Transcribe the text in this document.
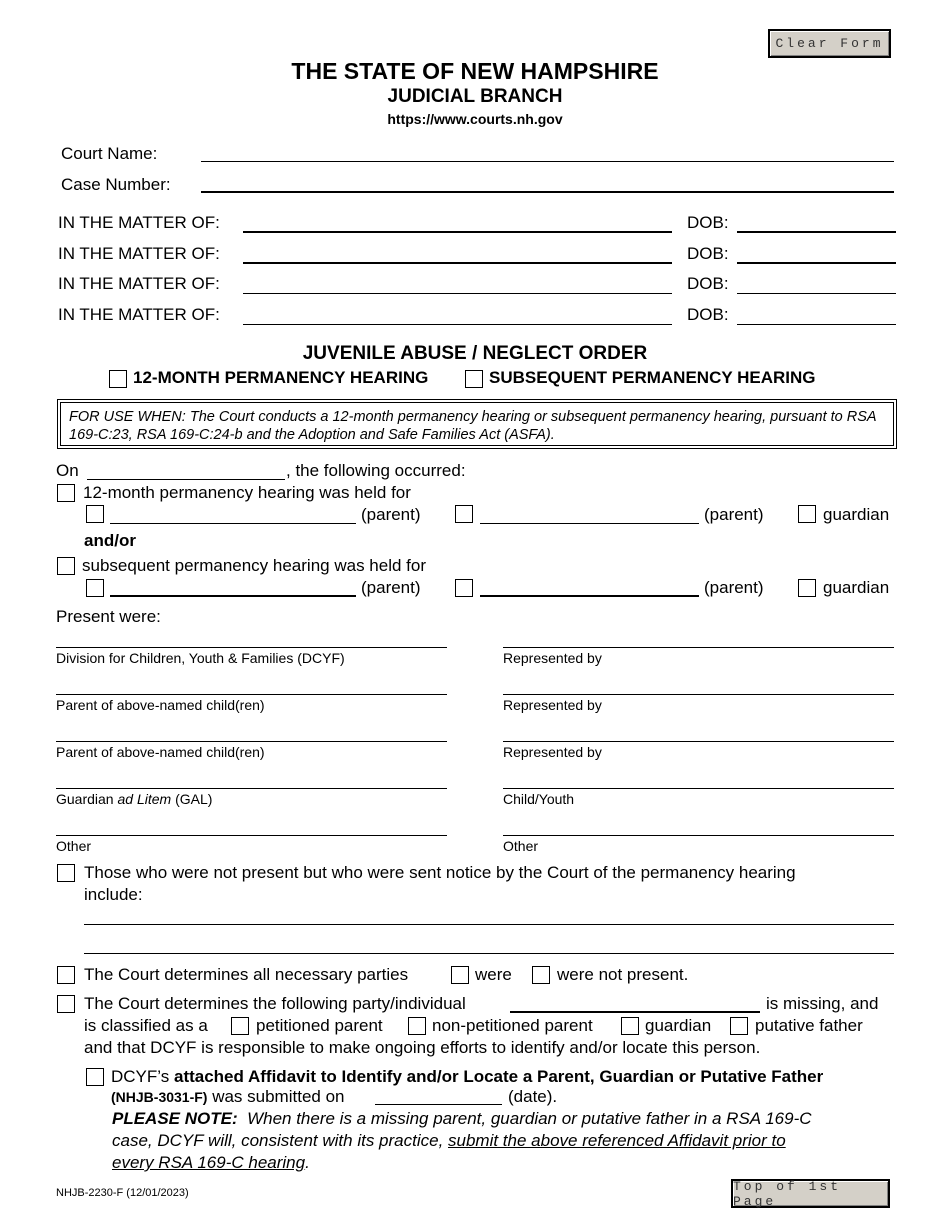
Clear Form
Top of 1st Page
THE STATE OF NEW HAMPSHIRE
JUDICIAL BRANCH
https://www.courts.nh.gov
Court Name:
Case Number:
IN THE MATTER OF:	DOB:
IN THE MATTER OF:	DOB:
IN THE MATTER OF:	DOB:
IN THE MATTER OF:	DOB:
JUVENILE ABUSE / NEGLECT ORDER
12-MONTH PERMANENCY HEARING	SUBSEQUENT PERMANENCY HEARING
FOR USE WHEN: The Court conducts a 12-month permanency hearing or subsequent permanency hearing, pursuant to RSA 169-C:23, RSA 169-C:24-b and the Adoption and Safe Families Act (ASFA).
On	, the following occurred:
12-month permanency hearing was held for
(parent)	(parent)	guardian
and/or
subsequent permanency hearing was held for
(parent)	(parent)	guardian
Present were:
Division for Children, Youth & Families (DCYF)	Represented by
Parent of above-named child(ren)	Represented by
Parent of above-named child(ren)	Represented by
Guardian ad Litem (GAL)	Child/Youth
Other	Other
Those who were not present but who were sent notice by the Court of the permanency hearing
include:
The Court determines all necessary parties	were	were not present.
The Court determines the following party/individual	is missing, and
is classified as a	petitioned parent	non-petitioned parent	guardian	putative father
and that DCYF is responsible to make ongoing efforts to identify and/or locate this person.
DCYF’s attached Affidavit to Identify and/or Locate a Parent, Guardian or Putative Father
(NHJB-3031-F) was submitted on	(date).
PLEASE NOTE:  When there is a missing parent, guardian or putative father in a RSA 169-C
case, DCYF will, consistent with its practice, submit the above referenced Affidavit prior to
every RSA 169-C hearing.
NHJB-2230-F (12/01/2023)
